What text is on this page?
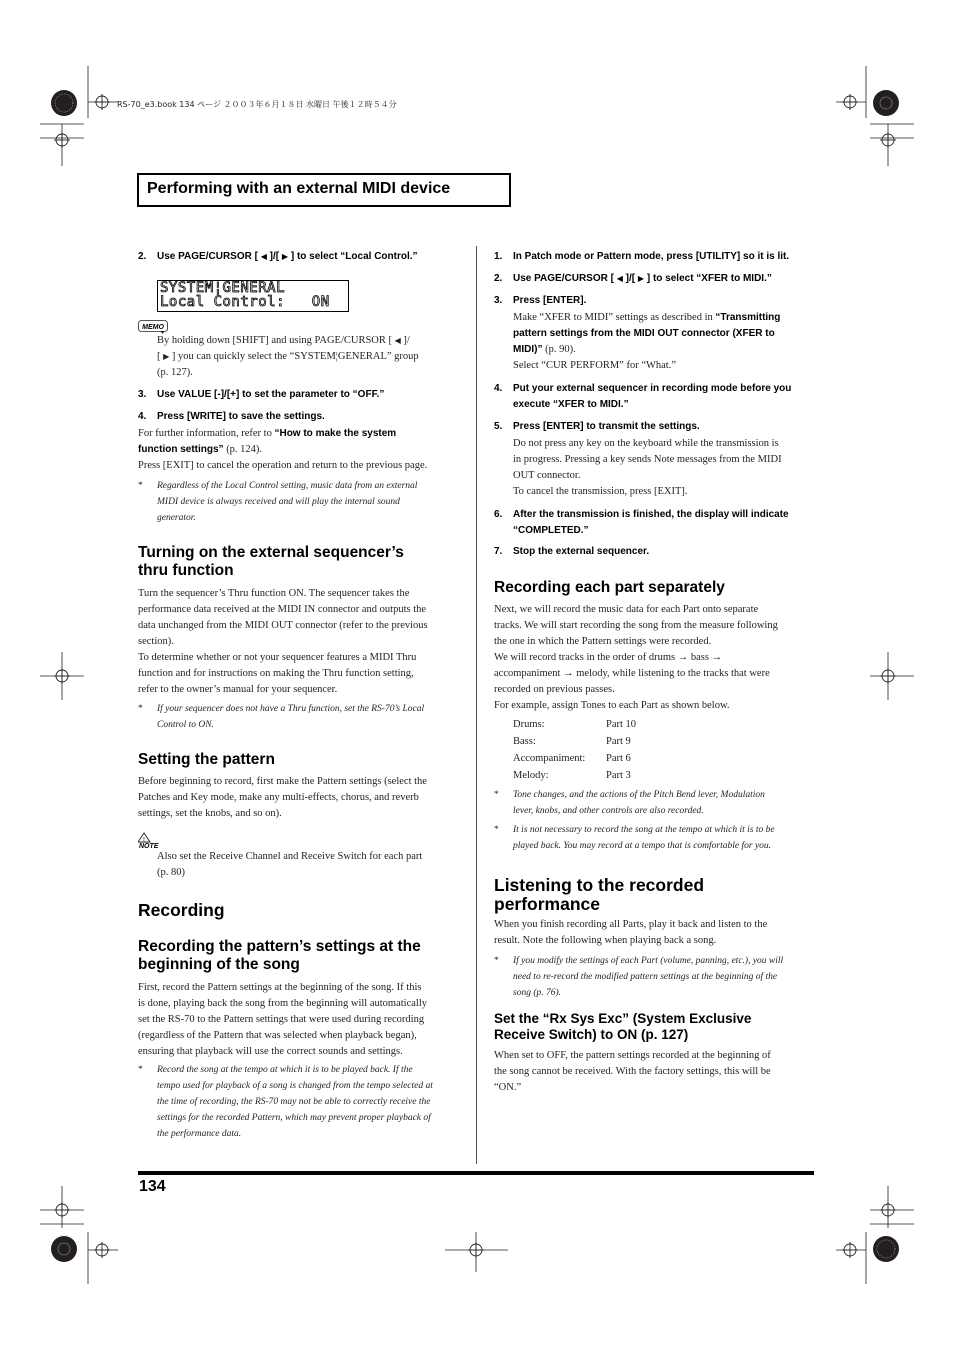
RS-70_e3.book 134 ページ ２００３年６月１８日 水曜日 午後１２時５４分
Performing with an external MIDI device
2.	Use PAGE/CURSOR [ ◀ ]/[ ▶ ] to select “Local Control.”
SYSTEM¦GENERAL
Local Control:   ON
MEMO
By holding down [SHIFT] and using PAGE/CURSOR [ ◀ ]/
[ ▶ ] you can quickly select the “SYSTEM¦GENERAL” group
(p. 127).
3.	Use VALUE [-]/[+] to set the parameter to “OFF.”
4.	Press [WRITE] to save the settings.
For further information, refer to “How to make the system
function settings” (p. 124).
Press [EXIT] to cancel the operation and return to the previous page.
* Regardless of the Local Control setting, music data from an external
MIDI device is always received and will play the internal sound
generator.
Turning on the external sequencer’s
thru function
Turn the sequencer’s Thru function ON. The sequencer takes the
performance data received at the MIDI IN connector and outputs the
data unchanged from the MIDI OUT connector (refer to the previous
section).
To determine whether or not your sequencer features a MIDI Thru
function and for instructions on making the Thru function setting,
refer to the owner’s manual for your sequencer.
* If your sequencer does not have a Thru function, set the RS-70’s Local
Control to ON.
Setting the pattern
Before beginning to record, first make the Pattern settings (select the
Patches and Key mode, make any multi-effects, chorus, and reverb
settings, set the knobs, and so on).
!
NOTE
Also set the Receive Channel and Receive Switch for each part
(p. 80)
Recording
Recording the pattern’s settings at the
beginning of the song
First, record the Pattern settings at the beginning of the song. If this
is done, playing back the song from the beginning will automatically
set the RS-70 to the Pattern settings that were used during recording
(regardless of the Pattern that was selected when playback began),
ensuring that playback will use the correct sounds and settings.
* Record the song at the tempo at which it is to be played back. If the
tempo used for playback of a song is changed from the tempo selected at
the time of recording, the RS-70 may not be able to correctly receive the
settings for the recorded Pattern, which may prevent proper playback of
the performance data.
1.	In Patch mode or Pattern mode, press [UTILITY] so it is lit.
2.	Use PAGE/CURSOR [ ◀ ]/[ ▶ ] to select “XFER to MIDI.”
3.	Press [ENTER].
Make “XFER to MIDI” settings as described in “Transmitting
pattern settings from the MIDI OUT connector (XFER to
MIDI)” (p. 90).
Select “CUR PERFORM” for “What.”
4. Put your external sequencer in recording mode before you
execute “XFER to MIDI.”
5.	Press [ENTER] to transmit the settings.
Do not press any key on the keyboard while the transmission is
in progress. Pressing a key sends Note messages from the MIDI
OUT connector.
To cancel the transmission, press [EXIT].
6. After the transmission is finished, the display will indicate
“COMPLETED.”
7.	Stop the external sequencer.
Recording each part separately
Next, we will record the music data for each Part onto separate
tracks. We will start recording the song from the measure following
the one in which the Pattern settings were recorded.
We will record tracks in the order of drums → bass →
accompaniment → melody, while listening to the tracks that were
recorded on previous passes.
For example, assign Tones to each Part as shown below.
Drums:	Part 10
Bass:	Part 9
Accompaniment: Part 6
Melody:	Part 3
* Tone changes, and the actions of the Pitch Bend lever, Modulation
lever, knobs, and other controls are also recorded.
* It is not necessary to record the song at the tempo at which it is to be
played back. You may record at a tempo that is comfortable for you.
Listening to the recorded
performance
When you finish recording all Parts, play it back and listen to the
result. Note the following when playing back a song.
* If you modify the settings of each Part (volume, panning, etc.), you will
need to re-record the modified pattern settings at the beginning of the
song (p. 76).
Set the “Rx Sys Exc” (System Exclusive
Receive Switch) to ON (p. 127)
When set to OFF, the pattern settings recorded at the beginning of
the song cannot be received. With the factory settings, this will be
“ON.”
134
